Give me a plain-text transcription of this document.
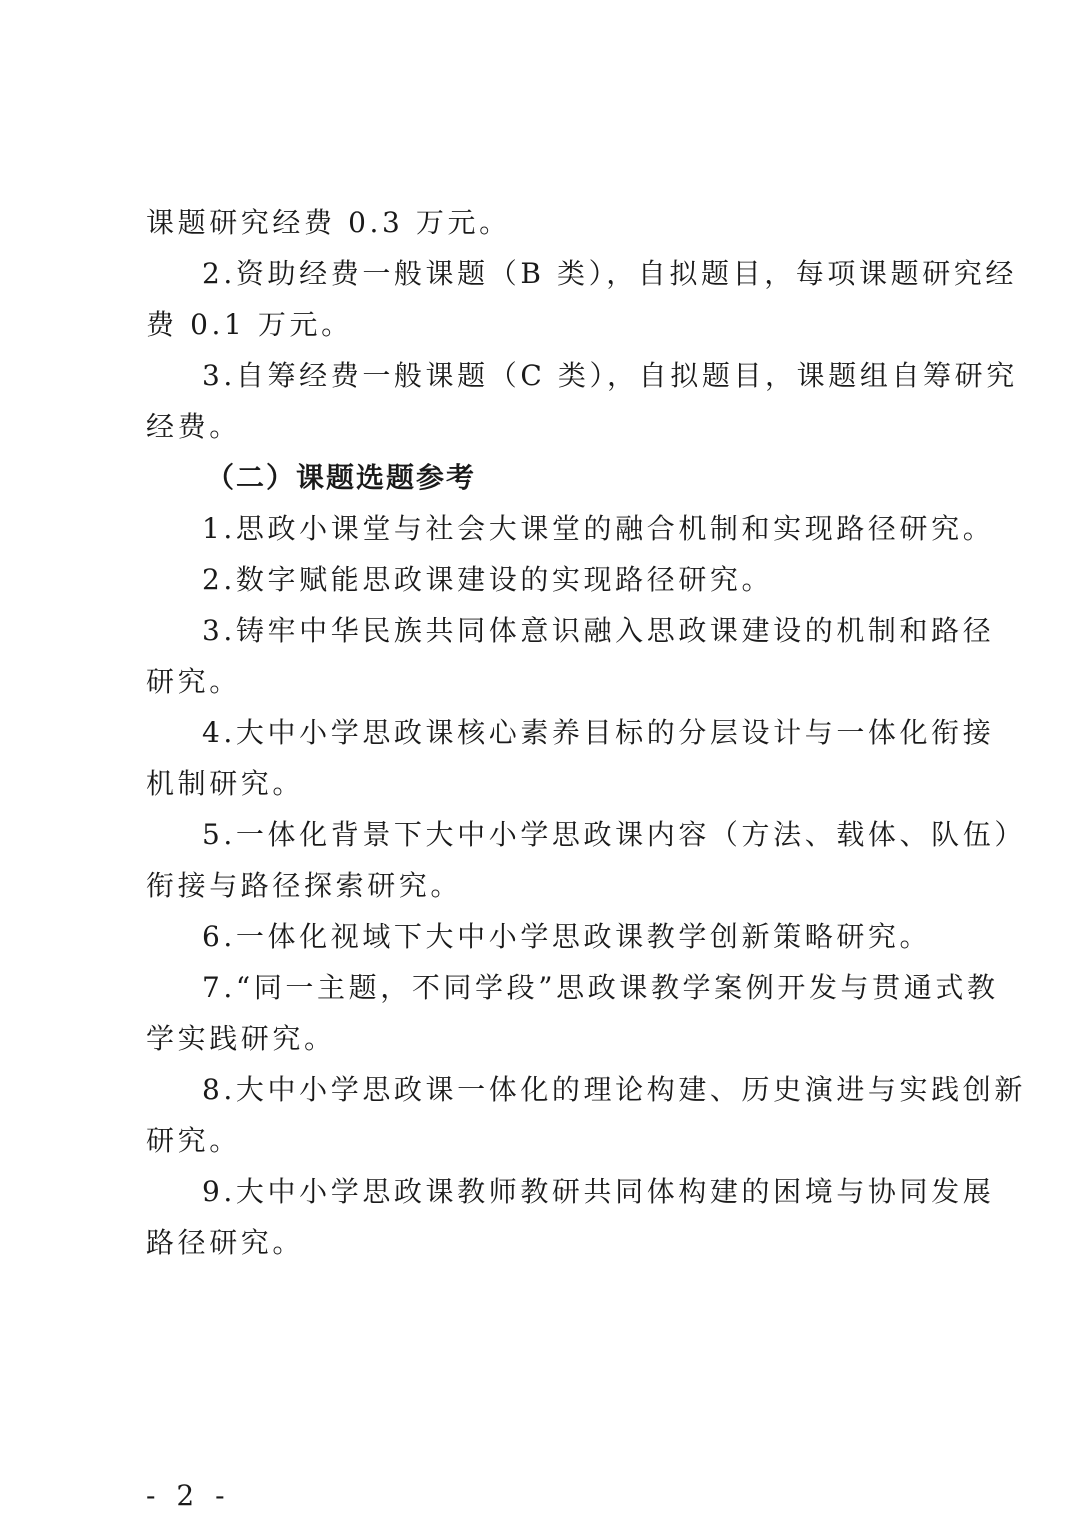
课题研究经费 0.3 万元。
2.资助经费一般课题（B 类），自拟题目，每项课题研究经
费 0.1 万元。
3.自筹经费一般课题（C 类），自拟题目，课题组自筹研究
经费。
（二）课题选题参考
1.思政小课堂与社会大课堂的融合机制和实现路径研究。
2.数字赋能思政课建设的实现路径研究。
3.铸牢中华民族共同体意识融入思政课建设的机制和路径
研究。
4.大中小学思政课核心素养目标的分层设计与一体化衔接
机制研究。
5.一体化背景下大中小学思政课内容（方法、载体、队伍）
衔接与路径探索研究。
6.一体化视域下大中小学思政课教学创新策略研究。
7.“同一主题，不同学段”思政课教学案例开发与贯通式教
学实践研究。
8.大中小学思政课一体化的理论构建、历史演进与实践创新
研究。
9.大中小学思政课教师教研共同体构建的困境与协同发展
路径研究。
- 2 -
